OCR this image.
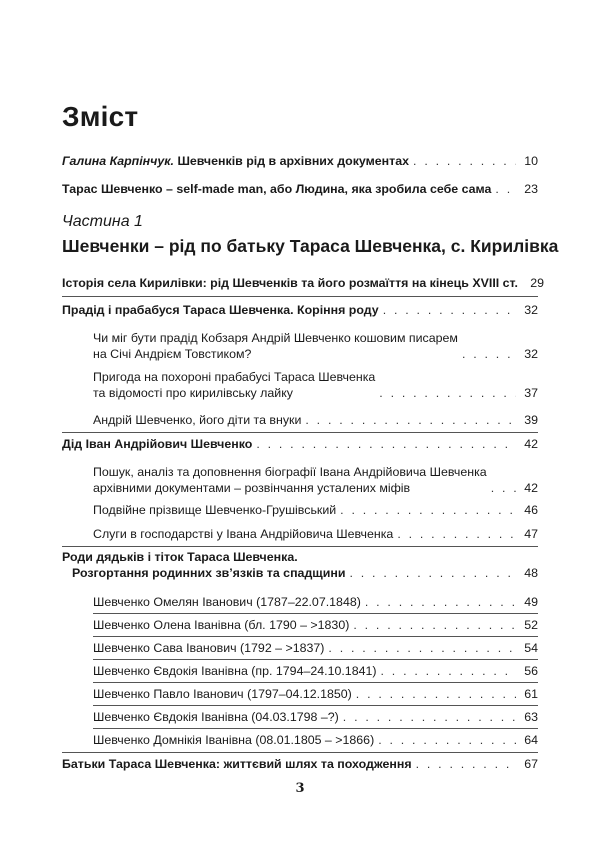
Зміст
Галина Карпінчук. Шевченків рід в архівних документах . . .	10
Тарас Шевченко – self-made man, або Людина, яка зробила себе сама . . .	23
Частина 1
Шевченки – рід по батьку Тараса Шевченка, с. Кирилівка
Історія села Кирилівки: рід Шевченків та його розмаїття на кінець XVIII ст. 29
Прадід і прабабуся Тараса Шевченка. Коріння роду . . .	32
Чи міг бути прадід Кобзаря Андрій Шевченко кошовим писарем
на Січі Андрієм Товстиком? . . .	32
Пригода на похороні прабабусі Тараса Шевченка
та відомості про кирилівську лайку . . .	37
Андрій Шевченко, його діти та внуки . . .	39
Дід Іван Андрійович Шевченко . . .	42
Пошук, аналіз та доповнення біографії Івана Андрійовича Шевченка
архівними документами – розвінчання усталених міфів . . .	42
Подвійне прізвище Шевченко-Грушівський . . .	46
Слуги в господарстві у Івана Андрійовича Шевченка . . .	47
Роди дядьків і тіток Тараса Шевченка.
Розгортання родинних зв’язків та спадщини . . .	48
Шевченко Омелян Іванович (1787–22.07.1848) . . .	49
Шевченко Олена Іванівна (бл. 1790 – >1830) . . .	52
Шевченко Сава Іванович (1792 – >1837) . . .	54
Шевченко Євдокія Іванівна (пр. 1794–24.10.1841) . . .	56
Шевченко Павло Іванович (1797–04.12.1850) . . .	61
Шевченко Євдокія Іванівна (04.03.1798 –?) . . .	63
Шевченко Домнікія Іванівна (08.01.1805 – >1866) . . .	64
Батьки Тараса Шевченка: життєвий шлях та походження . . .	67
3
